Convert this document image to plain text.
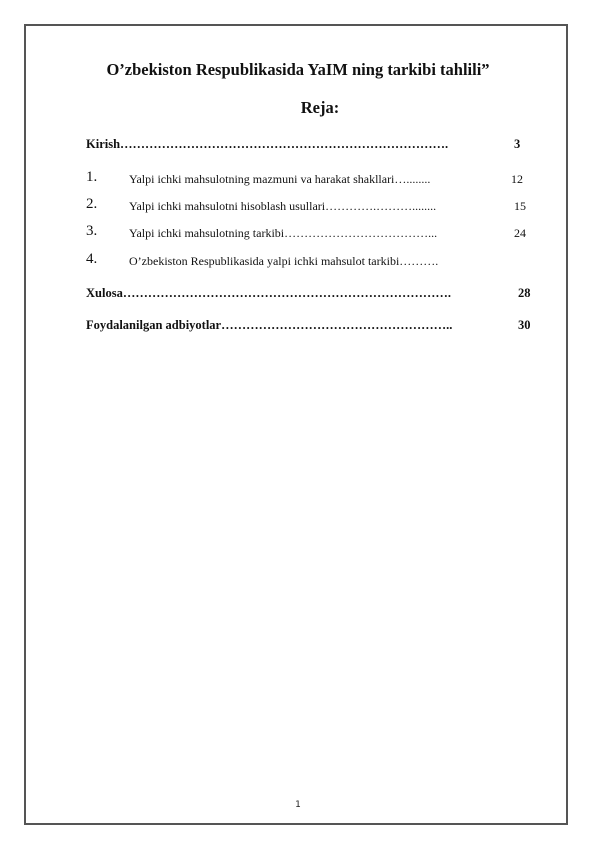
O’zbekiston Respublikasida YaIM ning tarkibi tahlili”
Reja:
Kirish…………………………………………………………………….	3
1.	Yalpi ichki mahsulotning mazmuni va harakat shakllari…........	12
2.	Yalpi ichki mahsulotni hisoblash usullari………….………........	15
3.	Yalpi ichki mahsulotning tarkibi………………………………...	24
4.	O’zbekiston Respublikasida yalpi ichki mahsulot tarkibi……….
Xulosa…………………………………………………………………….	28
Foydalanilgan adbiyotlar………………………………………………..	30
1
